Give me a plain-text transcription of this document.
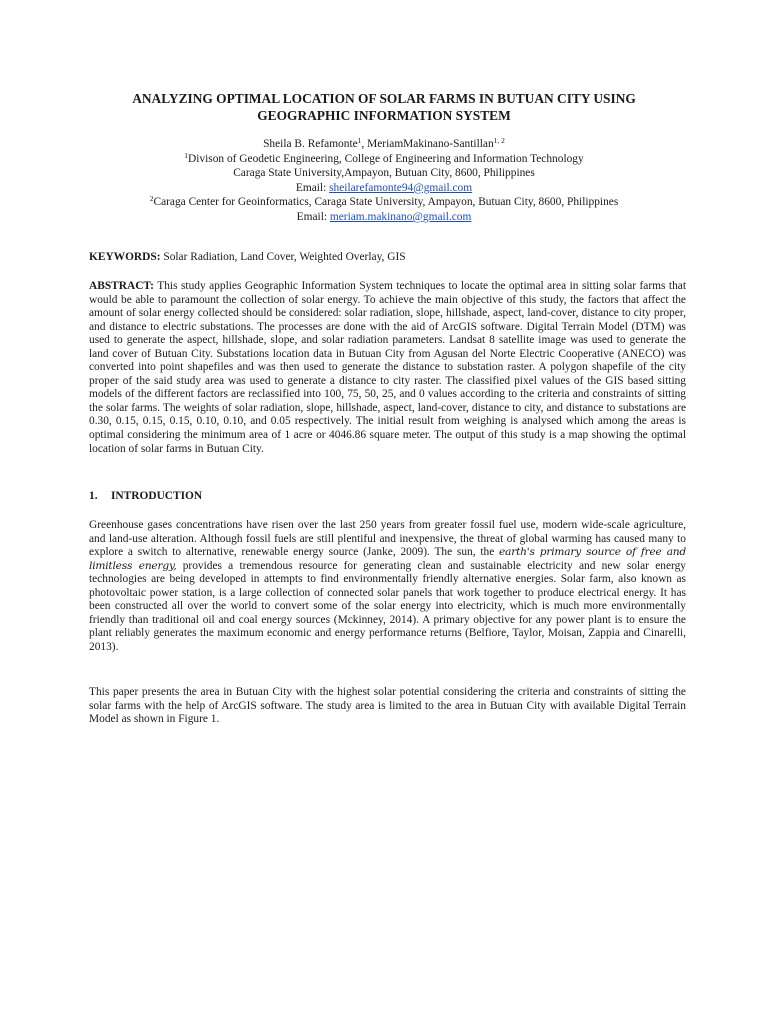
ANALYZING OPTIMAL LOCATION OF SOLAR FARMS IN BUTUAN CITY USING
GEOGRAPHIC INFORMATION SYSTEM
Sheila B. Refamonte$^1$, MeriamMakinano-Santillan$^{1, 2}$
$^1$Divison of Geodetic Engineering, College of Engineering and Information Technology
Caraga State University,Ampayon, Butuan City, 8600, Philippines
Email: sheilarefamonte94@gmail.com
$^2$Caraga Center for Geoinformatics, Caraga State University, Ampayon, Butuan City, 8600, Philippines
Email: meriam.makinano@gmail.com

KEYWORDS: Solar Radiation, Land Cover, Weighted Overlay, GIS

ABSTRACT: This study applies Geographic Information System techniques to locate the optimal area in sitting solar farms that would be able to paramount the collection of solar energy. To achieve the main objective of this study, the factors that affect the amount of solar energy collected should be considered: solar radiation, slope, hillshade, aspect, land-cover, distance to city proper, and distance to electric substations. The processes are done with the aid of ArcGIS software. Digital Terrain Model (DTM) was used to generate the aspect, hillshade, slope, and solar radiation parameters. Landsat 8 satellite image was used to generate the land cover of Butuan City. Substations location data in Butuan City from Agusan del Norte Electric Cooperative (ANECO) was converted into point shapefiles and was then used to generate the distance to substation raster. A polygon shapefile of the city proper of the said study area was used to generate a distance to city raster. The classified pixel values of the GIS based sitting models of the different factors are reclassified into 100, 75, 50, 25, and 0 values according to the criteria and constraints of sitting the solar farms. The weights of solar radiation, slope, hillshade, aspect, land-cover, distance to city, and distance to substations are 0.30, 0.15, 0.15, 0.15, 0.10, 0.10, and 0.05 respectively. The initial result from weighing is analysed which among the areas is optimal considering the minimum area of 1 acre or 4046.86 square meter. The output of this study is a map showing the optimal location of solar farms in Butuan City.

1. INTRODUCTION

Greenhouse gases concentrations have risen over the last 250 years from greater fossil fuel use, modern wide-scale agriculture, and land-use alteration. Although fossil fuels are still plentiful and inexpensive, the threat of global warming has caused many to explore a switch to alternative, renewable energy source (Janke, 2009). The sun, the earth's primary source of free and limitless energy, provides a tremendous resource for generating clean and sustainable electricity and new solar energy technologies are being developed in attempts to find environmentally friendly alternative energies. Solar farm, also known as photovoltaic power station, is a large collection of connected solar panels that work together to produce electrical energy. It has been constructed all over the world to convert some of the solar energy into electricity, which is much more environmentally friendly than traditional oil and coal energy sources (Mckinney, 2014). A primary objective for any power plant is to ensure the plant reliably generates the maximum economic and energy performance returns (Belfiore, Taylor, Moisan, Zappia and Cinarelli, 2013).

This paper presents the area in Butuan City with the highest solar potential considering the criteria and constraints of sitting the solar farms with the help of ArcGIS software. The study area is limited to the area in Butuan City with available Digital Terrain Model as shown in Figure 1.
